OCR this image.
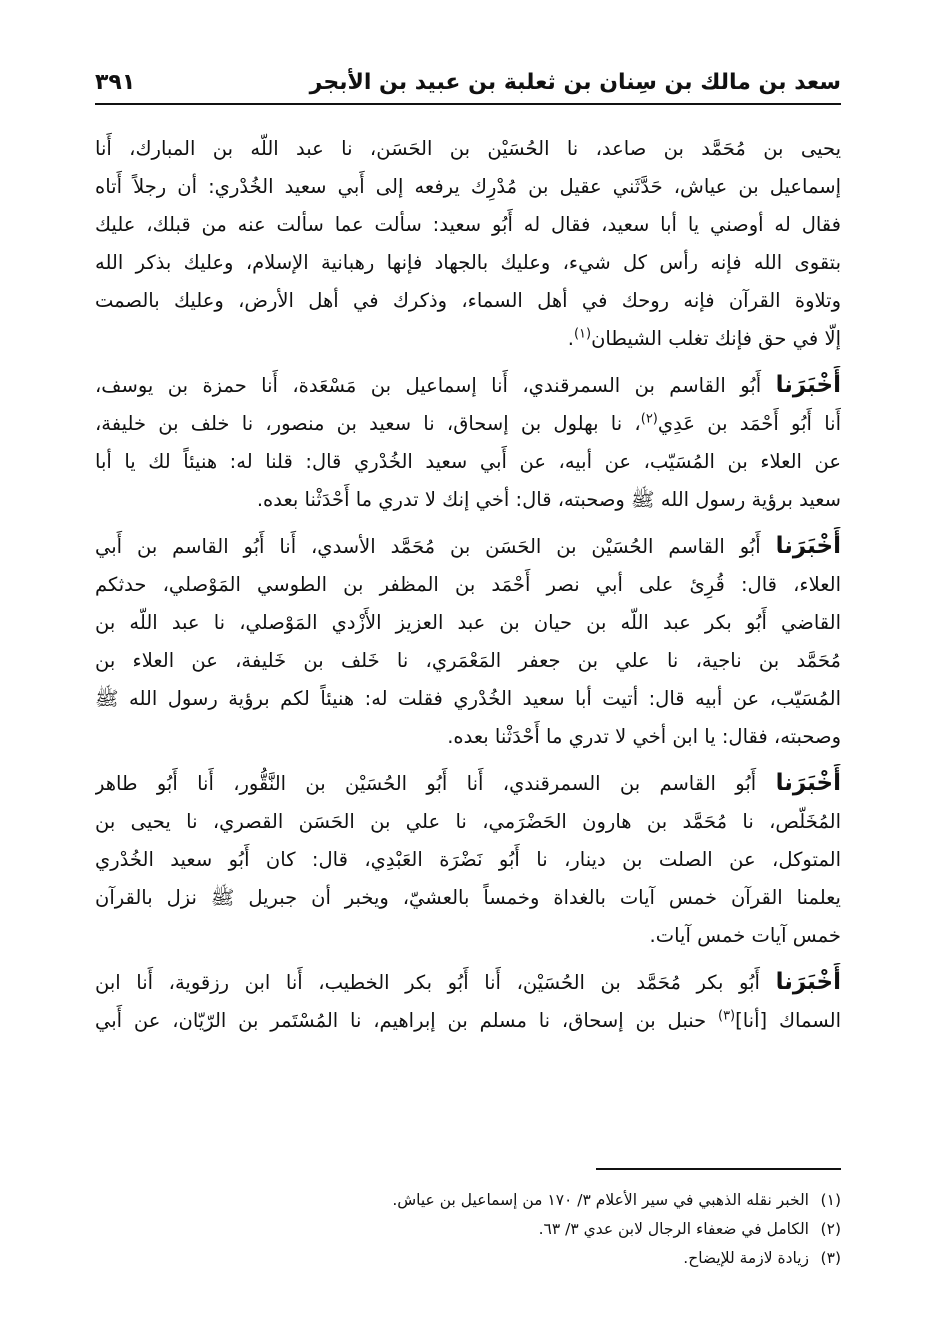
سعد بن مالك بن سِنان بن ثعلبة بن عبيد بن الأبجر
٣٩١

يحيى بن مُحَمَّد بن صاعد، نا الحُسَيْن بن الحَسَن، نا عبد اللّه بن المبارك، أَنا
إسماعيل بن عياش، حَدَّثَني عقيل بن مُدْرِك يرفعه إلى أَبي سعيد الخُدْري: أن رجلاً أَتاه
فقال له أوصني يا أبا سعيد، فقال له أَبُو سعيد: سألت عما سألت عنه من قبلك، عليك
بتقوى الله فإنه رأس كل شيء، وعليك بالجهاد فإنها رهبانية الإسلام، وعليك بذكر الله
وتلاوة القرآن فإنه روحك في أهل السماء، وذكرك في أهل الأرض، وعليك بالصمت
إلّا في حق فإنك تغلب الشيطان$^{(١)}$.

أَخْبَرَنا أَبُو القاسم بن السمرقندي، أَنا إسماعيل بن مَسْعَدة، أَنا حمزة بن يوسف،
أَنا أَبُو أَحْمَد بن عَدِي$^{(٢)}$، نا بهلول بن إسحاق، نا سعيد بن منصور، نا خلف بن خليفة،
عن العلاء بن المُسَيّب، عن أبيه، عن أَبي سعيد الخُدْري قال: قلنا له: هنيئاً لك يا أبا
سعيد برؤية رسول الله ﷺ وصحبته، قال: أخي إنك لا تدري ما أَحْدَثْنا بعده.

أَخْبَرَنا أَبُو القاسم الحُسَيْن بن الحَسَن بن مُحَمَّد الأسدي، أَنا أَبُو القاسم بن أَبي
العلاء، قال: قُرِئ على أبي نصر أَحْمَد بن المظفر بن الطوسي المَوْصلي، حدثكم
القاضي أَبُو بكر عبد اللّه بن حيان بن عبد العزيز الأَزْدي المَوْصلي، نا عبد اللّه بن
مُحَمَّد بن ناجية، نا علي بن جعفر المَعْمَري، نا خَلف بن خَليفة، عن العلاء بن
المُسَيّب، عن أبيه قال: أتيت أبا سعيد الخُدْري فقلت له: هنيئاً لكم برؤية رسول الله ﷺ
وصحبته، فقال: يا ابن أخي لا تدري ما أَحْدَثْنا بعده.

أَخْبَرَنا أَبُو القاسم بن السمرقندي، أَنا أَبُو الحُسَيْن بن النَّقُّور، أَنا أَبُو طاهر
المُخَلّص، نا مُحَمَّد بن هارون الحَضْرَمي، نا علي بن الحَسَن القصري، نا يحيى بن
المتوكل، عن الصلت بن دينار، نا أَبُو نَضْرَة العَبْدِي، قال: كان أَبُو سعيد الخُدْري
يعلمنا القرآن خمس آيات بالغداة وخمساً بالعشيّ، ويخبر أن جبريل ﷺ نزل بالقرآن
خمس آيات خمس آيات.

أَخْبَرَنا أَبُو بكر مُحَمَّد بن الحُسَيْن، أَنا أَبُو بكر الخطيب، أَنا ابن رزقوية، أَنا ابن
السماك [أنا]$^{(٣)}$ حنبل بن إسحاق، نا مسلم بن إبراهيم، نا المُسْتَمر بن الرّيّان، عن أَبي

(١)
الخبر نقله الذهبي في سير الأعلام ٣/ ١٧٠ من إسماعيل بن عياش.
(٢)
الكامل في ضعفاء الرجال لابن عدي ٣/ ٦٣.
(٣)
زيادة لازمة للإيضاح.
